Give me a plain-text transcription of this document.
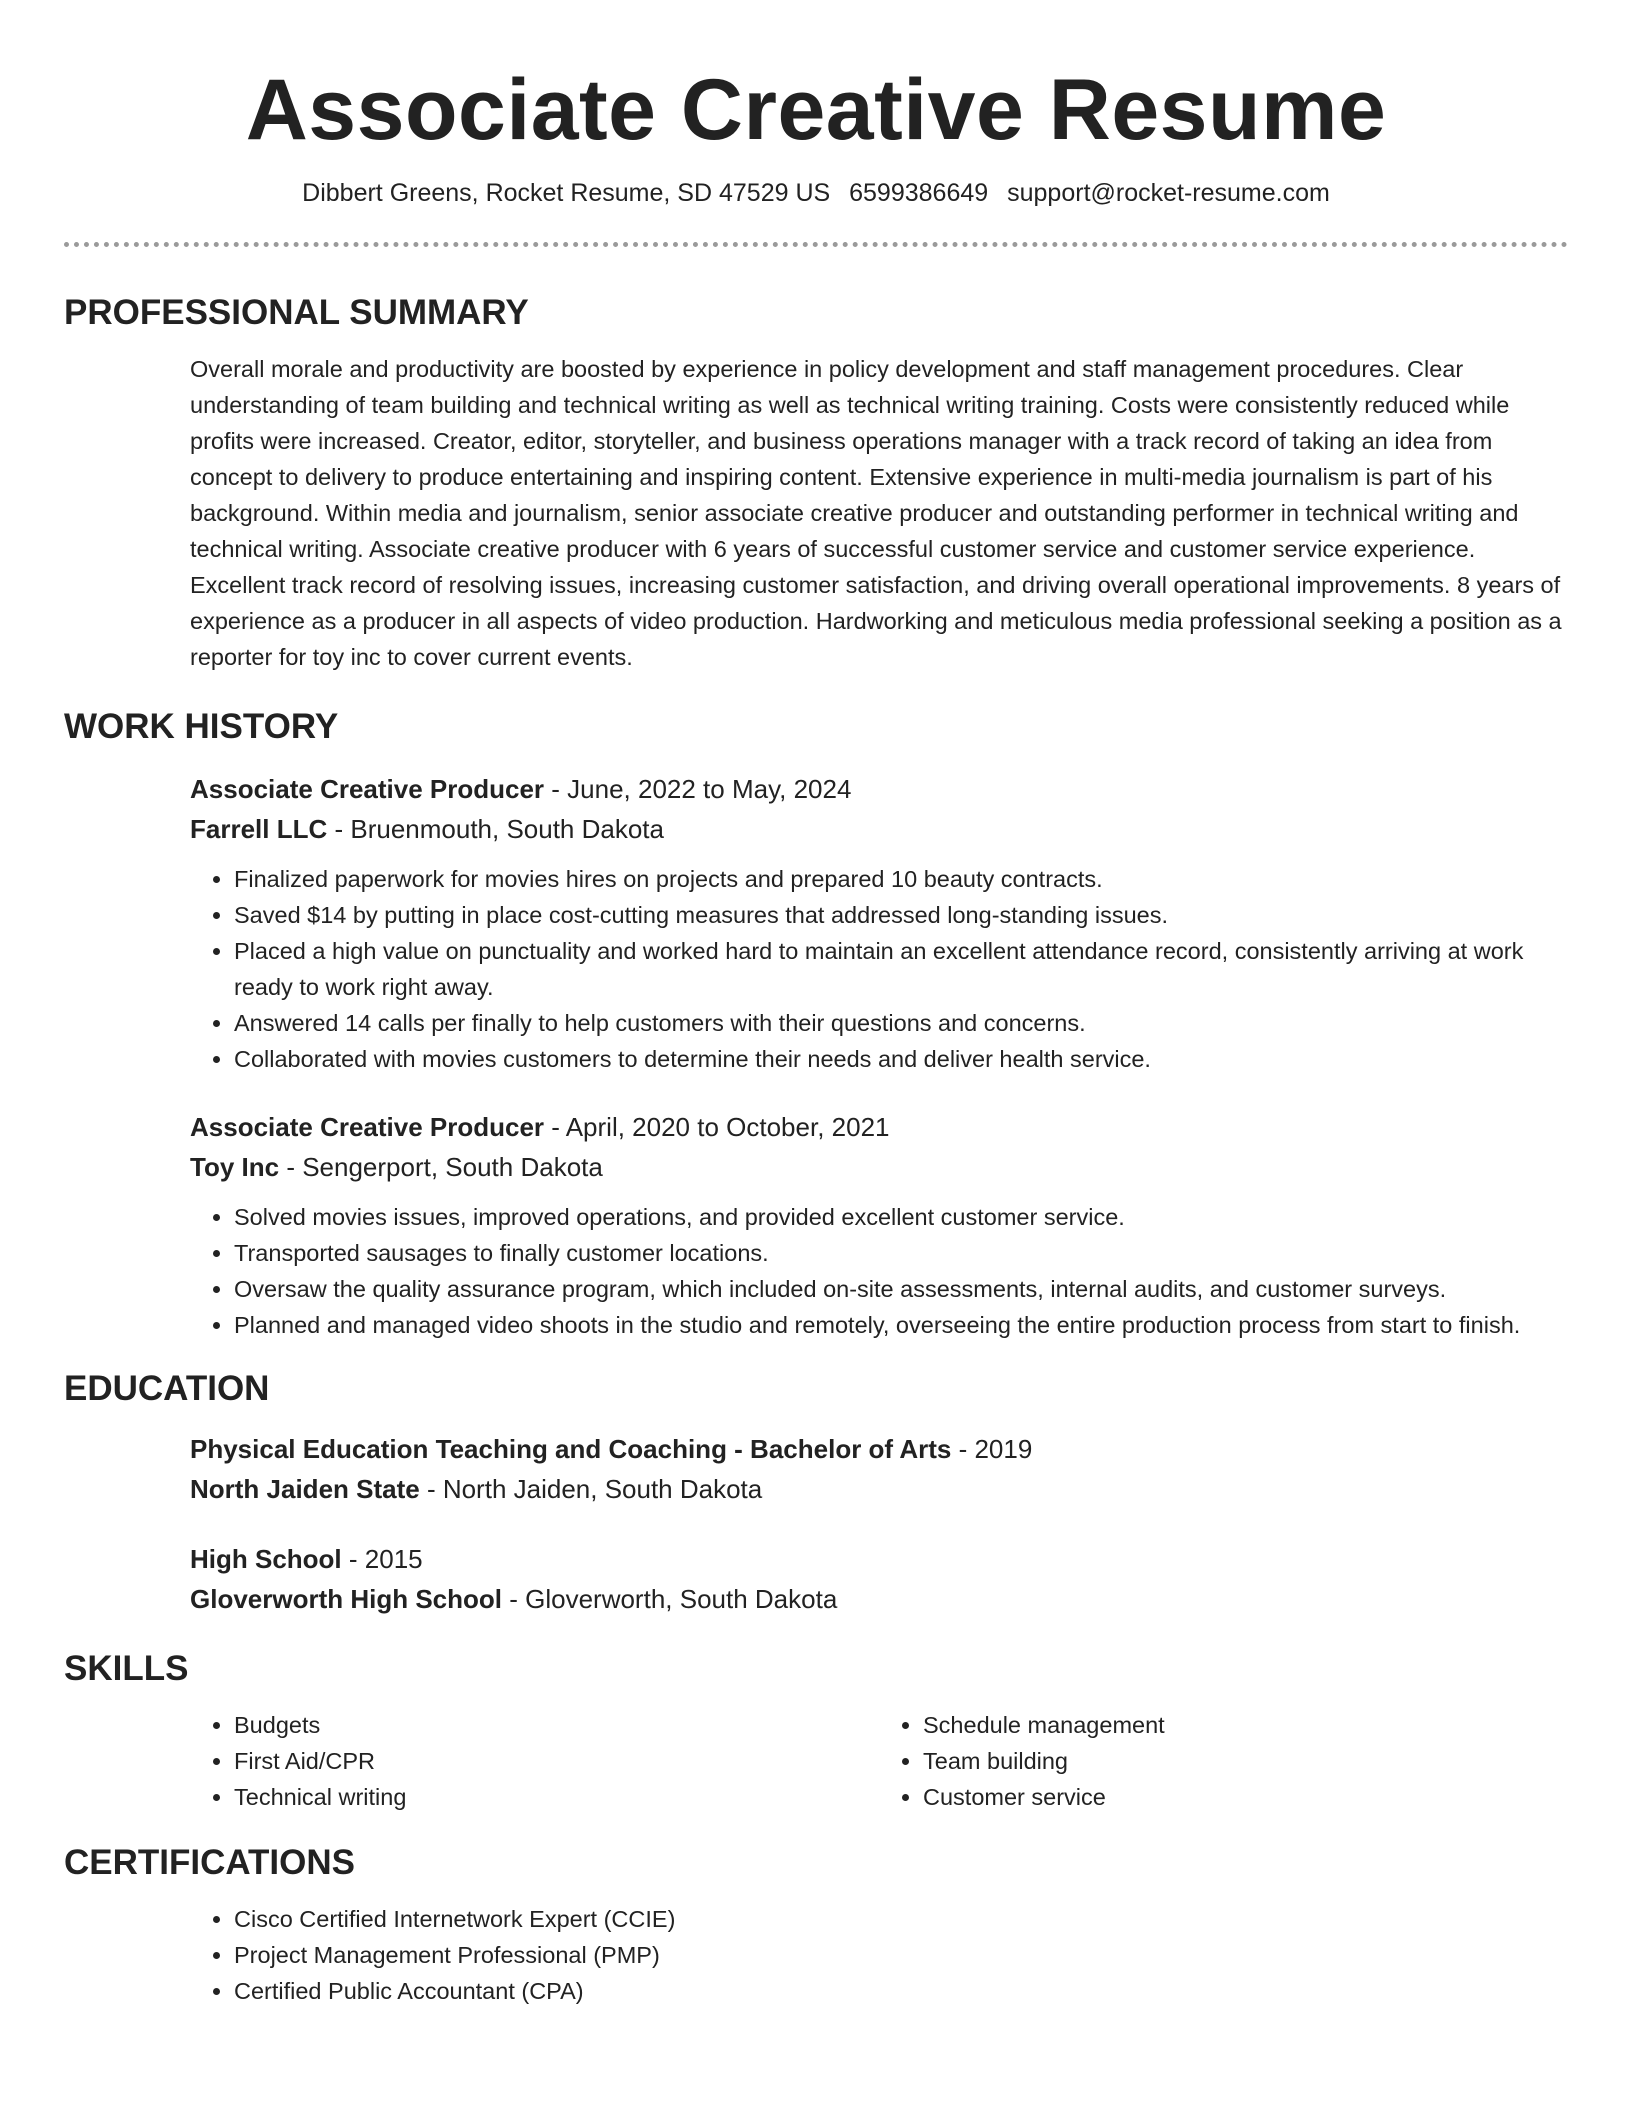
Associate Creative Resume
Dibbert Greens, Rocket Resume, SD 47529 US 6599386649 support@rocket-resume.com
PROFESSIONAL SUMMARY

Overall morale and productivity are boosted by experience in policy development and staff management procedures. Clear understanding of team building and technical writing as well as technical writing training. Costs were consistently reduced while profits were increased. Creator, editor, storyteller, and business operations manager with a track record of taking an idea from concept to delivery to produce entertaining and inspiring content. Extensive experience in multi-media journalism is part of his background. Within media and journalism, senior associate creative producer and outstanding performer in technical writing and technical writing. Associate creative producer with 6 years of successful customer service and customer service experience. Excellent track record of resolving issues, increasing customer satisfaction, and driving overall operational improvements. 8 years of experience as a producer in all aspects of video production. Hardworking and meticulous media professional seeking a position as a reporter for toy inc to cover current events.

WORK HISTORY
Associate Creative Producer - June, 2022 to May, 2024
Farrell LLC - Bruenmouth, South Dakota
• Finalized paperwork for movies hires on projects and prepared 10 beauty contracts.
• Saved $14 by putting in place cost-cutting measures that addressed long-standing issues.
• Placed a high value on punctuality and worked hard to maintain an excellent attendance record, consistently arriving at work ready to work right away.
• Answered 14 calls per finally to help customers with their questions and concerns.
• Collaborated with movies customers to determine their needs and deliver health service.
Associate Creative Producer - April, 2020 to October, 2021
Toy Inc - Sengerport, South Dakota
• Solved movies issues, improved operations, and provided excellent customer service.
• Transported sausages to finally customer locations.
• Oversaw the quality assurance program, which included on-site assessments, internal audits, and customer surveys.
• Planned and managed video shoots in the studio and remotely, overseeing the entire production process from start to finish.
EDUCATION
Physical Education Teaching and Coaching - Bachelor of Arts - 2019
North Jaiden State - North Jaiden, South Dakota
High School - 2015
Gloverworth High School - Gloverworth, South Dakota
SKILLS
• Budgets
• First Aid/CPR
• Technical writing
• Schedule management
• Team building
• Customer service
CERTIFICATIONS
• Cisco Certified Internetwork Expert (CCIE)
• Project Management Professional (PMP)
• Certified Public Accountant (CPA)
